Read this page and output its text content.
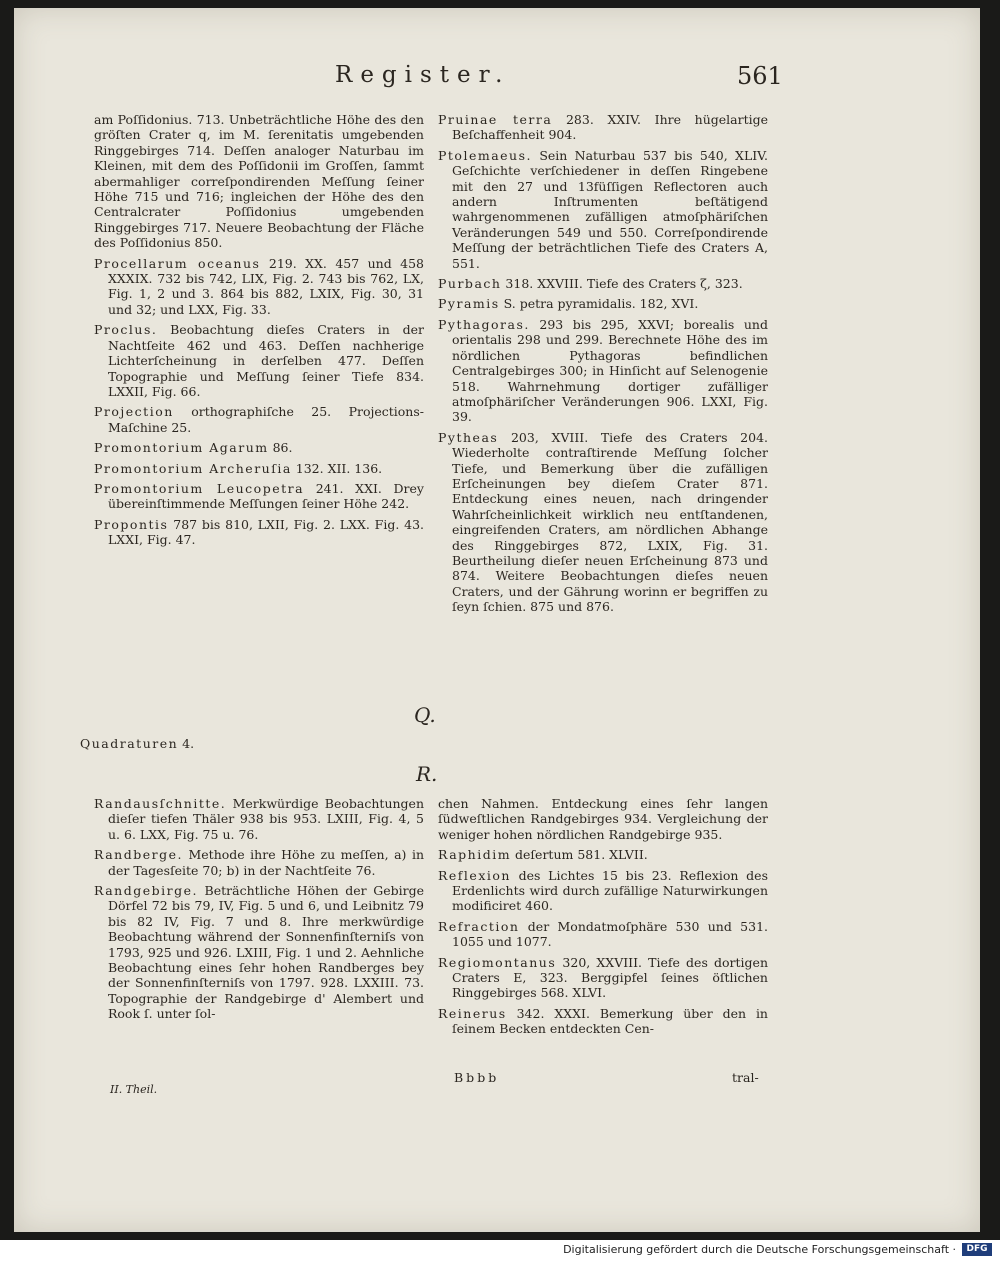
Register.	561

am Poſſidonius. 713. Unbeträchtliche Höhe des den gröſten Crater q, im M. ſerenitatis umgebenden Ringgebirges 714. Deſſen analoger Naturbau im Kleinen, mit dem des Poſſidonii im Groſſen, ſammt abermahliger correſpondirenden Meſſung ſeiner Höhe 715 und 716; ingleichen der Höhe des den Centralcrater Poſſidonius umgebenden Ringgebirges 717. Neuere Beobachtung der Fläche des Poſſidonius 850.

Procellarum oceanus 219. XX. 457 und 458 XXXIX. 732 bis 742, LIX, Fig. 2. 743 bis 762, LX, Fig. 1, 2 und 3. 864 bis 882, LXIX, Fig. 30, 31 und 32; und LXX, Fig. 33.

Proclus. Beobachtung dieſes Craters in der Nachtſeite 462 und 463. Deſſen nachherige Lichterſcheinung in derſelben 477. Deſſen Topographie und Meſſung ſeiner Tiefe 834. LXXII, Fig. 66.

Projection orthographiſche 25. Projections-Maſchine 25.

Promontorium Agarum 86.

Promontorium Archeruſia 132. XII. 136.

Promontorium Leucopetra 241. XXI. Drey übereinſtimmende Meſſungen ſeiner Höhe 242.

Propontis 787 bis 810, LXII, Fig. 2. LXX. Fig. 43. LXXI, Fig. 47.

Pruinae terra 283. XXIV. Ihre hügelartige Beſchaffenheit 904.

Ptolemaeus. Sein Naturbau 537 bis 540, XLIV. Geſchichte verſchiedener in deſſen Ringebene mit den 27 und 13füſſigen Reflectoren auch andern Inſtrumenten beſtätigend wahrgenommenen zufälligen atmoſphäriſchen Veränderungen 549 und 550. Correſpondirende Meſſung der beträchtlichen Tiefe des Craters A, 551.

Purbach 318. XXVIII. Tiefe des Craters ζ, 323.

Pyramis S. petra pyramidalis. 182, XVI.

Pythagoras. 293 bis 295, XXVI; borealis und orientalis 298 und 299. Berechnete Höhe des im nördlichen Pythagoras befindlichen Centralgebirges 300; in Hinſicht auf Selenogenie 518. Wahrnehmung dortiger zufälliger atmoſphäriſcher Veränderungen 906. LXXI, Fig. 39.

Pytheas 203, XVIII. Tiefe des Craters 204. Wiederholte contraſtirende Meſſung ſolcher Tiefe, und Bemerkung über die zufälligen Erſcheinungen bey dieſem Crater 871. Entdeckung eines neuen, nach dringender Wahrſcheinlichkeit wirklich neu entſtandenen, eingreifenden Craters, am nördlichen Abhange des Ringgebirges 872, LXIX, Fig. 31. Beurtheilung dieſer neuen Erſcheinung 873 und 874. Weitere Beobachtungen dieſes neuen Craters, und der Gährung worinn er begriffen zu ſeyn ſchien. 875 und 876.

Q.

Quadraturen 4.

R.

Randausſchnitte. Merkwürdige Beobachtungen dieſer tiefen Thäler 938 bis 953. LXIII, Fig. 4, 5 u. 6. LXX, Fig. 75 u. 76.

Randberge. Methode ihre Höhe zu meſſen, a) in der Tagesſeite 70; b) in der Nachtſeite 76.

Randgebirge. Beträchtliche Höhen der Gebirge Dörfel 72 bis 79, IV, Fig. 5 und 6, und Leibnitz 79 bis 82 IV, Fig. 7 und 8. Ihre merkwürdige Beobachtung während der Sonnenfinſterniſs von 1793, 925 und 926. LXIII, Fig. 1 und 2. Aehnliche Beobachtung eines ſehr hohen Randberges bey der Sonnenfinſterniſs von 1797. 928. LXXIII. 73. Topographie der Randgebirge d' Alembert und Rook ſ. unter ſol-

chen Nahmen. Entdeckung eines ſehr langen ſüdweſtlichen Randgebirges 934. Vergleichung der weniger hohen nördlichen Randgebirge 935.

Raphidim deſertum 581. XLVII.

Reflexion des Lichtes 15 bis 23. Reflexion des Erdenlichts wird durch zufällige Naturwirkungen modificiret 460.

Refraction der Mondatmoſphäre 530 und 531. 1055 und 1077.

Regiomontanus 320, XXVIII. Tiefe des dortigen Craters E, 323. Berggipfel ſeines öſtlichen Ringgebirges 568. XLVI.

Reinerus 342. XXXI. Bemerkung über den in ſeinem Becken entdeckten Cen-

II. Theil.
Bbbb	tral-
Digitalisierung gefördert durch die Deutsche Forschungsgemeinschaft ·	DFG
